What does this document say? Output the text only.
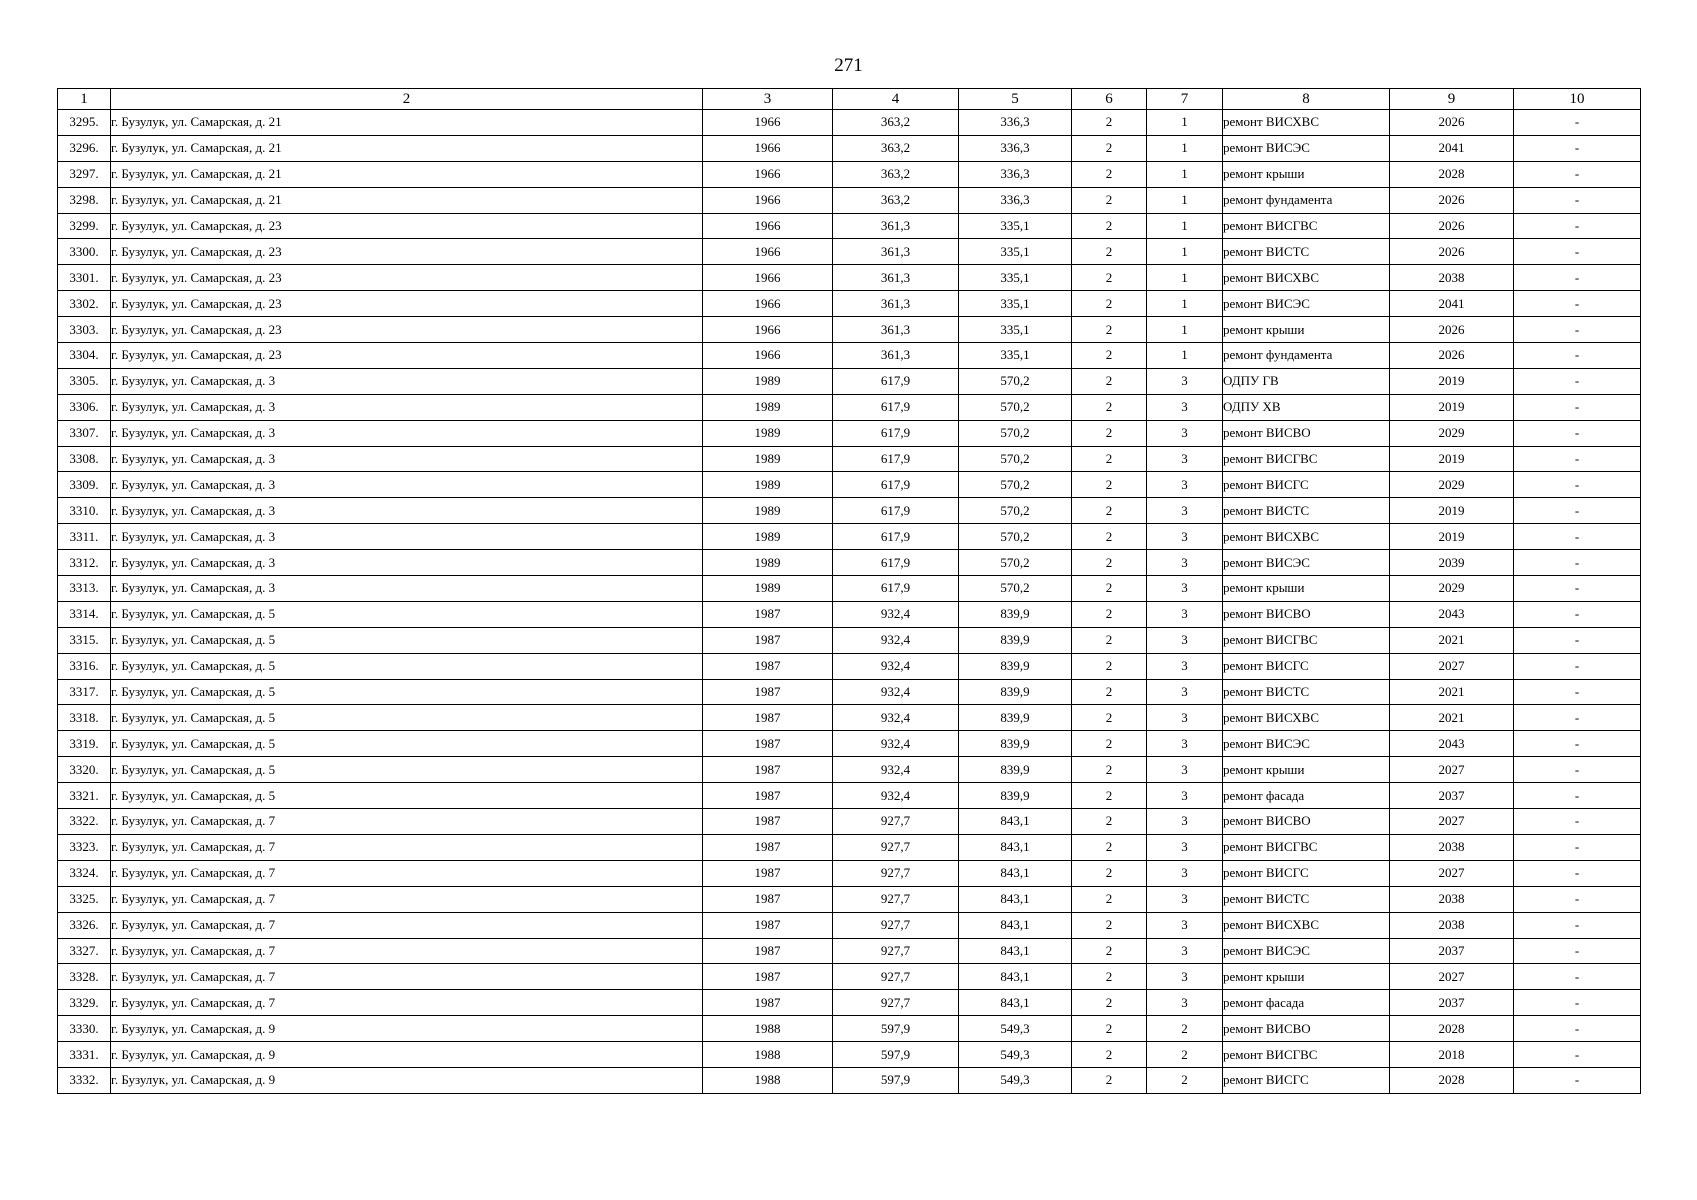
271
1	2	3	4	5	6	7	8	9	10
3295.	г. Бузулук, ул. Самарская, д. 21	1966	363,2	336,3	2	1	ремонт ВИСХВС	2026	-
3296.	г. Бузулук, ул. Самарская, д. 21	1966	363,2	336,3	2	1	ремонт ВИСЭС	2041	-
3297.	г. Бузулук, ул. Самарская, д. 21	1966	363,2	336,3	2	1	ремонт крыши	2028	-
3298.	г. Бузулук, ул. Самарская, д. 21	1966	363,2	336,3	2	1	ремонт фундамента	2026	-
3299.	г. Бузулук, ул. Самарская, д. 23	1966	361,3	335,1	2	1	ремонт ВИСГВС	2026	-
3300.	г. Бузулук, ул. Самарская, д. 23	1966	361,3	335,1	2	1	ремонт ВИСТС	2026	-
3301.	г. Бузулук, ул. Самарская, д. 23	1966	361,3	335,1	2	1	ремонт ВИСХВС	2038	-
3302.	г. Бузулук, ул. Самарская, д. 23	1966	361,3	335,1	2	1	ремонт ВИСЭС	2041	-
3303.	г. Бузулук, ул. Самарская, д. 23	1966	361,3	335,1	2	1	ремонт крыши	2026	-
3304.	г. Бузулук, ул. Самарская, д. 23	1966	361,3	335,1	2	1	ремонт фундамента	2026	-
3305.	г. Бузулук, ул. Самарская, д. 3	1989	617,9	570,2	2	3	ОДПУ ГВ	2019	-
3306.	г. Бузулук, ул. Самарская, д. 3	1989	617,9	570,2	2	3	ОДПУ ХВ	2019	-
3307.	г. Бузулук, ул. Самарская, д. 3	1989	617,9	570,2	2	3	ремонт ВИСВО	2029	-
3308.	г. Бузулук, ул. Самарская, д. 3	1989	617,9	570,2	2	3	ремонт ВИСГВС	2019	-
3309.	г. Бузулук, ул. Самарская, д. 3	1989	617,9	570,2	2	3	ремонт ВИСГС	2029	-
3310.	г. Бузулук, ул. Самарская, д. 3	1989	617,9	570,2	2	3	ремонт ВИСТС	2019	-
3311.	г. Бузулук, ул. Самарская, д. 3	1989	617,9	570,2	2	3	ремонт ВИСХВС	2019	-
3312.	г. Бузулук, ул. Самарская, д. 3	1989	617,9	570,2	2	3	ремонт ВИСЭС	2039	-
3313.	г. Бузулук, ул. Самарская, д. 3	1989	617,9	570,2	2	3	ремонт крыши	2029	-
3314.	г. Бузулук, ул. Самарская, д. 5	1987	932,4	839,9	2	3	ремонт ВИСВО	2043	-
3315.	г. Бузулук, ул. Самарская, д. 5	1987	932,4	839,9	2	3	ремонт ВИСГВС	2021	-
3316.	г. Бузулук, ул. Самарская, д. 5	1987	932,4	839,9	2	3	ремонт ВИСГС	2027	-
3317.	г. Бузулук, ул. Самарская, д. 5	1987	932,4	839,9	2	3	ремонт ВИСТС	2021	-
3318.	г. Бузулук, ул. Самарская, д. 5	1987	932,4	839,9	2	3	ремонт ВИСХВС	2021	-
3319.	г. Бузулук, ул. Самарская, д. 5	1987	932,4	839,9	2	3	ремонт ВИСЭС	2043	-
3320.	г. Бузулук, ул. Самарская, д. 5	1987	932,4	839,9	2	3	ремонт крыши	2027	-
3321.	г. Бузулук, ул. Самарская, д. 5	1987	932,4	839,9	2	3	ремонт фасада	2037	-
3322.	г. Бузулук, ул. Самарская, д. 7	1987	927,7	843,1	2	3	ремонт ВИСВО	2027	-
3323.	г. Бузулук, ул. Самарская, д. 7	1987	927,7	843,1	2	3	ремонт ВИСГВС	2038	-
3324.	г. Бузулук, ул. Самарская, д. 7	1987	927,7	843,1	2	3	ремонт ВИСГС	2027	-
3325.	г. Бузулук, ул. Самарская, д. 7	1987	927,7	843,1	2	3	ремонт ВИСТС	2038	-
3326.	г. Бузулук, ул. Самарская, д. 7	1987	927,7	843,1	2	3	ремонт ВИСХВС	2038	-
3327.	г. Бузулук, ул. Самарская, д. 7	1987	927,7	843,1	2	3	ремонт ВИСЭС	2037	-
3328.	г. Бузулук, ул. Самарская, д. 7	1987	927,7	843,1	2	3	ремонт крыши	2027	-
3329.	г. Бузулук, ул. Самарская, д. 7	1987	927,7	843,1	2	3	ремонт фасада	2037	-
3330.	г. Бузулук, ул. Самарская, д. 9	1988	597,9	549,3	2	2	ремонт ВИСВО	2028	-
3331.	г. Бузулук, ул. Самарская, д. 9	1988	597,9	549,3	2	2	ремонт ВИСГВС	2018	-
3332.	г. Бузулук, ул. Самарская, д. 9	1988	597,9	549,3	2	2	ремонт ВИСГС	2028	-
